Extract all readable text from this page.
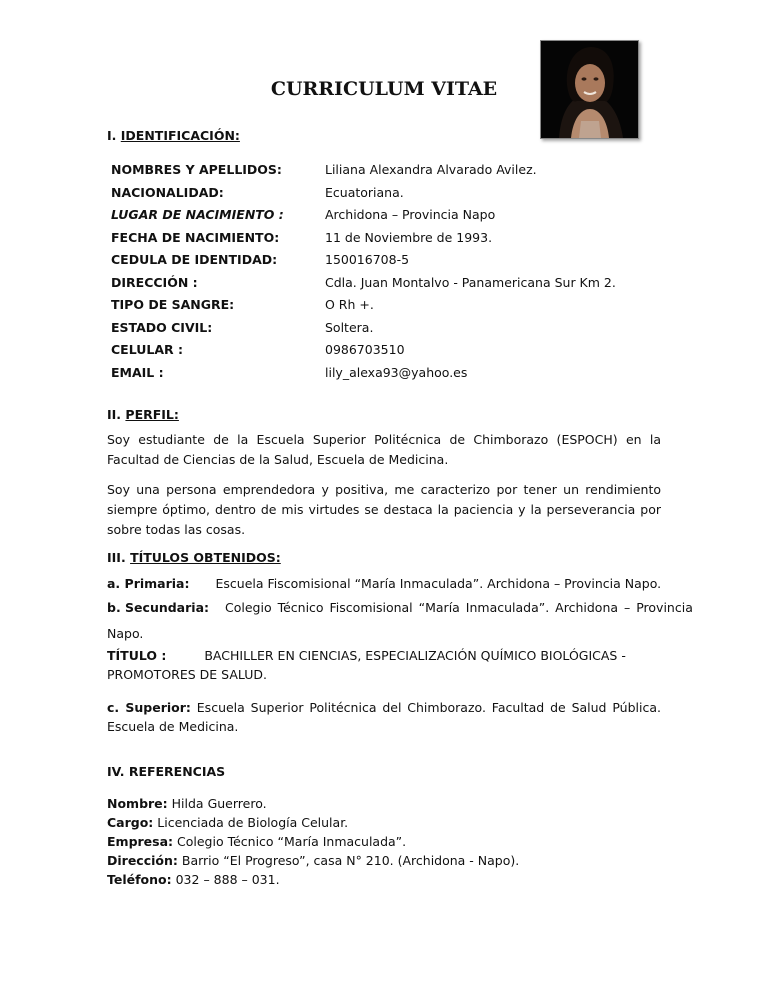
CURRICULUM VITAE
I. IDENTIFICACIÓN:
NOMBRES Y APELLIDOS:	Liliana Alexandra Alvarado Avilez.
NACIONALIDAD:	Ecuatoriana.
LUGAR DE NACIMIENTO :	Archidona – Provincia Napo
FECHA DE NACIMIENTO:	11 de Noviembre de 1993.
CEDULA DE IDENTIDAD:	150016708-5
DIRECCIÓN :	Cdla. Juan Montalvo - Panamericana Sur Km 2.
TIPO DE SANGRE:	O Rh +.
ESTADO CIVIL:	Soltera.
CELULAR :	0986703510
EMAIL :	lily_alexa93@yahoo.es
II. PERFIL:
Soy estudiante de la Escuela Superior Politécnica de Chimborazo (ESPOCH) en la Facultad de Ciencias de la Salud, Escuela de Medicina.
Soy una persona emprendedora y positiva, me caracterizo por tener un rendimiento siempre óptimo, dentro de mis virtudes se destaca la paciencia y la perseverancia por sobre todas las cosas.
III. TÍTULOS OBTENIDOS:
a. Primaria: Escuela Fiscomisional “María Inmaculada”. Archidona – Provincia Napo.
b. Secundaria: Colegio Técnico Fiscomisional “María Inmaculada”. Archidona – Provincia
Napo.
TÍTULO :	BACHILLER EN CIENCIAS, ESPECIALIZACIÓN QUÍMICO BIOLÓGICAS -
PROMOTORES DE SALUD.
c. Superior: Escuela Superior Politécnica del Chimborazo. Facultad de Salud Pública. Escuela de Medicina.
IV. REFERENCIAS
Nombre: Hilda Guerrero.
Cargo: Licenciada de Biología Celular.
Empresa: Colegio Técnico “María Inmaculada”.
Dirección: Barrio “El Progreso”, casa N° 210. (Archidona - Napo).
Teléfono: 032 – 888 – 031.
